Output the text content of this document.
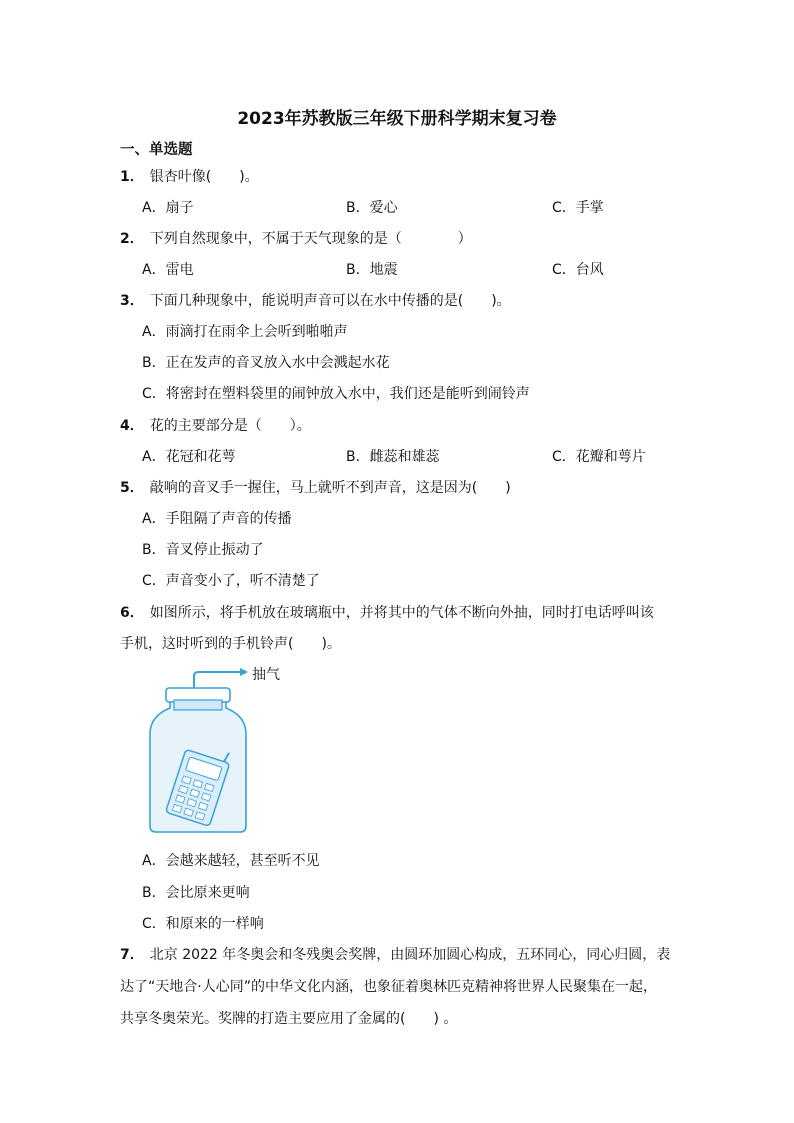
2023年苏教版三年级下册科学期末复习卷
一、单选题
1． 银杏叶像(　　)。
A．扇子	B．爱心	C．手掌
2． 下列自然现象中，不属于天气现象的是（　　　　）
A．雷电	B．地震	C．台风
3． 下面几种现象中，能说明声音可以在水中传播的是(　　)。
A．雨滴打在雨伞上会听到啪啪声
B．正在发声的音叉放入水中会溅起水花
C．将密封在塑料袋里的闹钟放入水中，我们还是能听到闹铃声
4． 花的主要部分是（　　）。
A．花冠和花萼	B．雌蕊和雄蕊	C．花瓣和萼片
5． 敲响的音叉手一握住，马上就听不到声音，这是因为(　　)
A．手阻隔了声音的传播
B．音叉停止振动了
C．声音变小了，听不清楚了
6． 如图所示，将手机放在玻璃瓶中，并将其中的气体不断向外抽，同时打电话呼叫该
手机，这时听到的手机铃声(　　)。
抽气
A．会越来越轻，甚至听不见
B．会比原来更响
C．和原来的一样响
7． 北京 2022 年冬奥会和冬残奥会奖牌，由圆环加圆心构成，五环同心，同心归圆，表
达了“天地合·人心同”的中华文化内涵，也象征着奥林匹克精神将世界人民聚集在一起，
共享冬奥荣光。奖牌的打造主要应用了金属的(　　) 。
